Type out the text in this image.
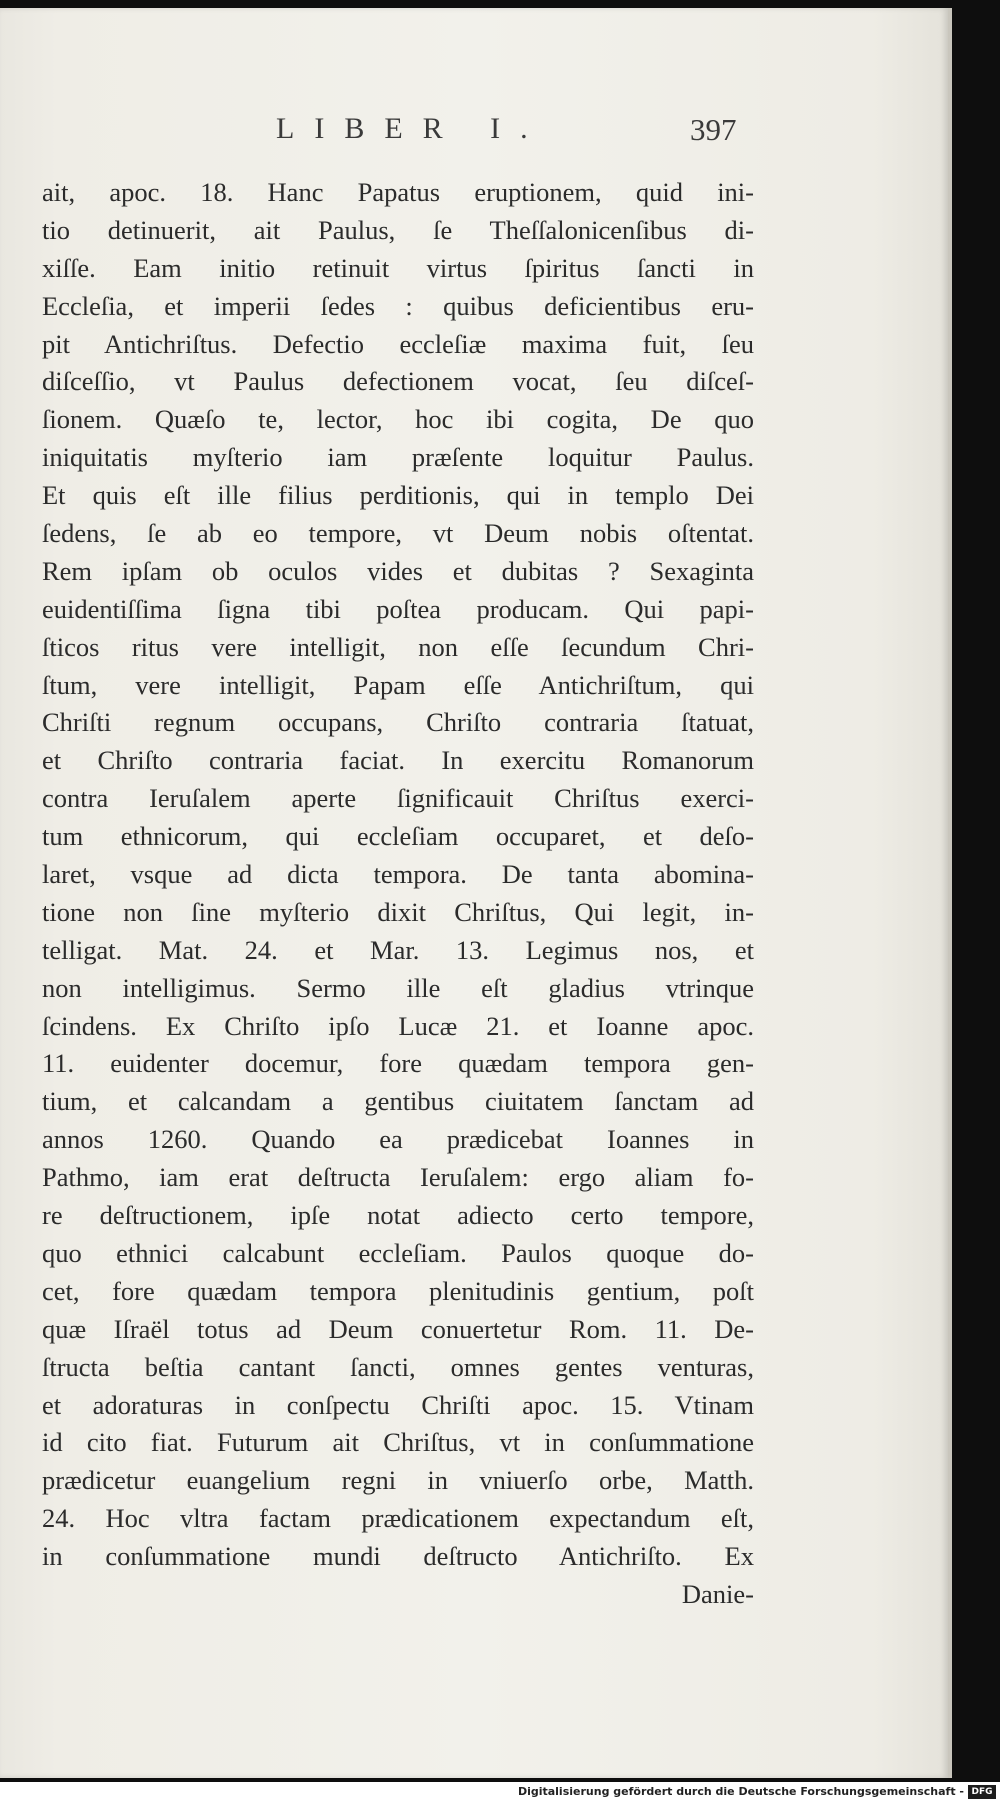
LIBER I.	397
ait, apoc. 18. Hanc Papatus eruptionem, quid ini-
tio detinuerit, ait Paulus, ſe Theſſalonicenſibus di-
xiſſe. Eam initio retinuit virtus ſpiritus ſancti in
Eccleſia, et imperii ſedes : quibus deficientibus eru-
pit Antichriſtus. Defectio eccleſiæ maxima fuit, ſeu
diſceſſio, vt Paulus defectionem vocat, ſeu diſceſ-
ſionem. Quæſo te, lector, hoc ibi cogita, De quo
iniquitatis myſterio iam præſente loquitur Paulus.
Et quis eſt ille filius perditionis, qui in templo Dei
ſedens, ſe ab eo tempore, vt Deum nobis oſtentat.
Rem ipſam ob oculos vides et dubitas ? Sexaginta
euidentiſſima ſigna tibi poſtea producam. Qui papi-
ſticos ritus vere intelligit, non eſſe ſecundum Chri-
ſtum, vere intelligit, Papam eſſe Antichriſtum, qui
Chriſti regnum occupans, Chriſto contraria ſtatuat,
et Chriſto contraria faciat. In exercitu Romanorum
contra Ieruſalem aperte ſignificauit Chriſtus exerci-
tum ethnicorum, qui eccleſiam occuparet, et deſo-
laret, vsque ad dicta tempora. De tanta abomina-
tione non ſine myſterio dixit Chriſtus, Qui legit, in-
telligat. Mat. 24. et Mar. 13. Legimus nos, et
non intelligimus. Sermo ille eſt gladius vtrinque
ſcindens. Ex Chriſto ipſo Lucæ 21. et Ioanne apoc.
11. euidenter docemur, fore quædam tempora gen-
tium, et calcandam a gentibus ciuitatem ſanctam ad
annos 1260. Quando ea prædicebat Ioannes in
Pathmo, iam erat deſtructa Ieruſalem: ergo aliam fo-
re deſtructionem, ipſe notat adiecto certo tempore,
quo ethnici calcabunt eccleſiam. Paulos quoque do-
cet, fore quædam tempora plenitudinis gentium, poſt
quæ Iſraël totus ad Deum conuertetur Rom. 11. De-
ſtructa beſtia cantant ſancti, omnes gentes venturas,
et adoraturas in conſpectu Chriſti apoc. 15. Vtinam
id cito fiat. Futurum ait Chriſtus, vt in conſummatione
prædicetur euangelium regni in vniuerſo orbe, Matth.
24. Hoc vltra factam prædicationem expectandum eſt,
in conſummatione mundi deſtructo Antichriſto. Ex
Danie-
Digitalisierung gefördert durch die Deutsche Forschungsgemeinschaft - DFG
